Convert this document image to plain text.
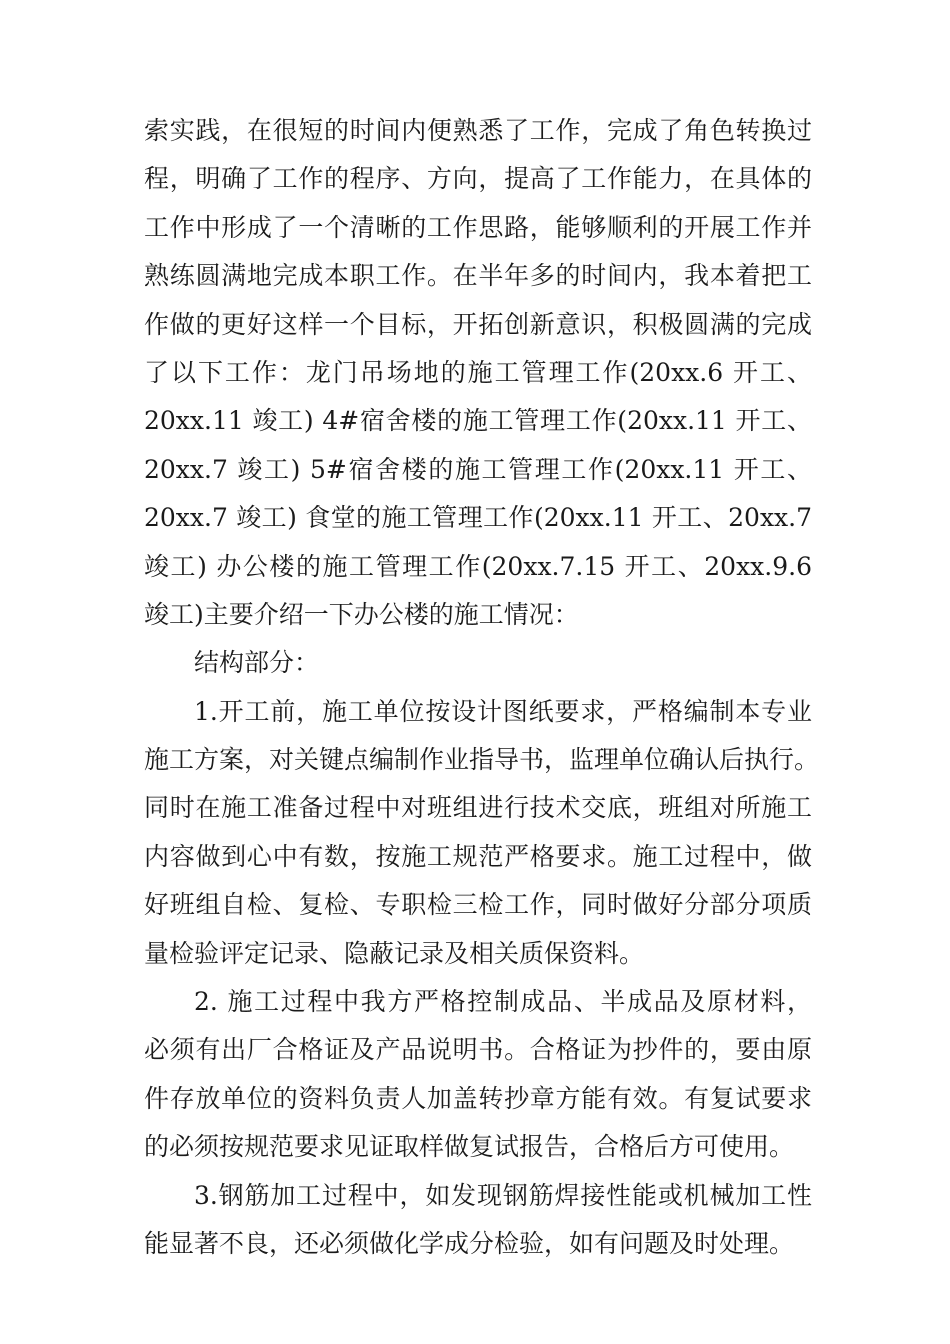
索实践，在很短的时间内便熟悉了工作，完成了角色转换过
程，明确了工作的程序、方向，提高了工作能力，在具体的
工作中形成了一个清晰的工作思路，能够顺利的开展工作并
熟练圆满地完成本职工作。在半年多的时间内，我本着把工
作做的更好这样一个目标，开拓创新意识，积极圆满的完成
了以下工作：龙门吊场地的施工管理工作(20xx.6 开工、
20xx.11 竣工) 4#宿舍楼的施工管理工作(20xx.11 开工、
20xx.7 竣工) 5#宿舍楼的施工管理工作(20xx.11 开工、
20xx.7 竣工) 食堂的施工管理工作(20xx.11 开工、20xx.7
竣工) 办公楼的施工管理工作(20xx.7.15 开工、20xx.9.6
竣工)主要介绍一下办公楼的施工情况：
结构部分：
1.开工前，施工单位按设计图纸要求，严格编制本专业
施工方案，对关键点编制作业指导书，监理单位确认后执行。
同时在施工准备过程中对班组进行技术交底，班组对所施工
内容做到心中有数，按施工规范严格要求。施工过程中，做
好班组自检、复检、专职检三检工作，同时做好分部分项质
量检验评定记录、隐蔽记录及相关质保资料。
2. 施工过程中我方严格控制成品、半成品及原材料，
必须有出厂合格证及产品说明书。合格证为抄件的，要由原
件存放单位的资料负责人加盖转抄章方能有效。有复试要求
的必须按规范要求见证取样做复试报告，合格后方可使用。
3.钢筋加工过程中，如发现钢筋焊接性能或机械加工性
能显著不良，还必须做化学成分检验，如有问题及时处理。
